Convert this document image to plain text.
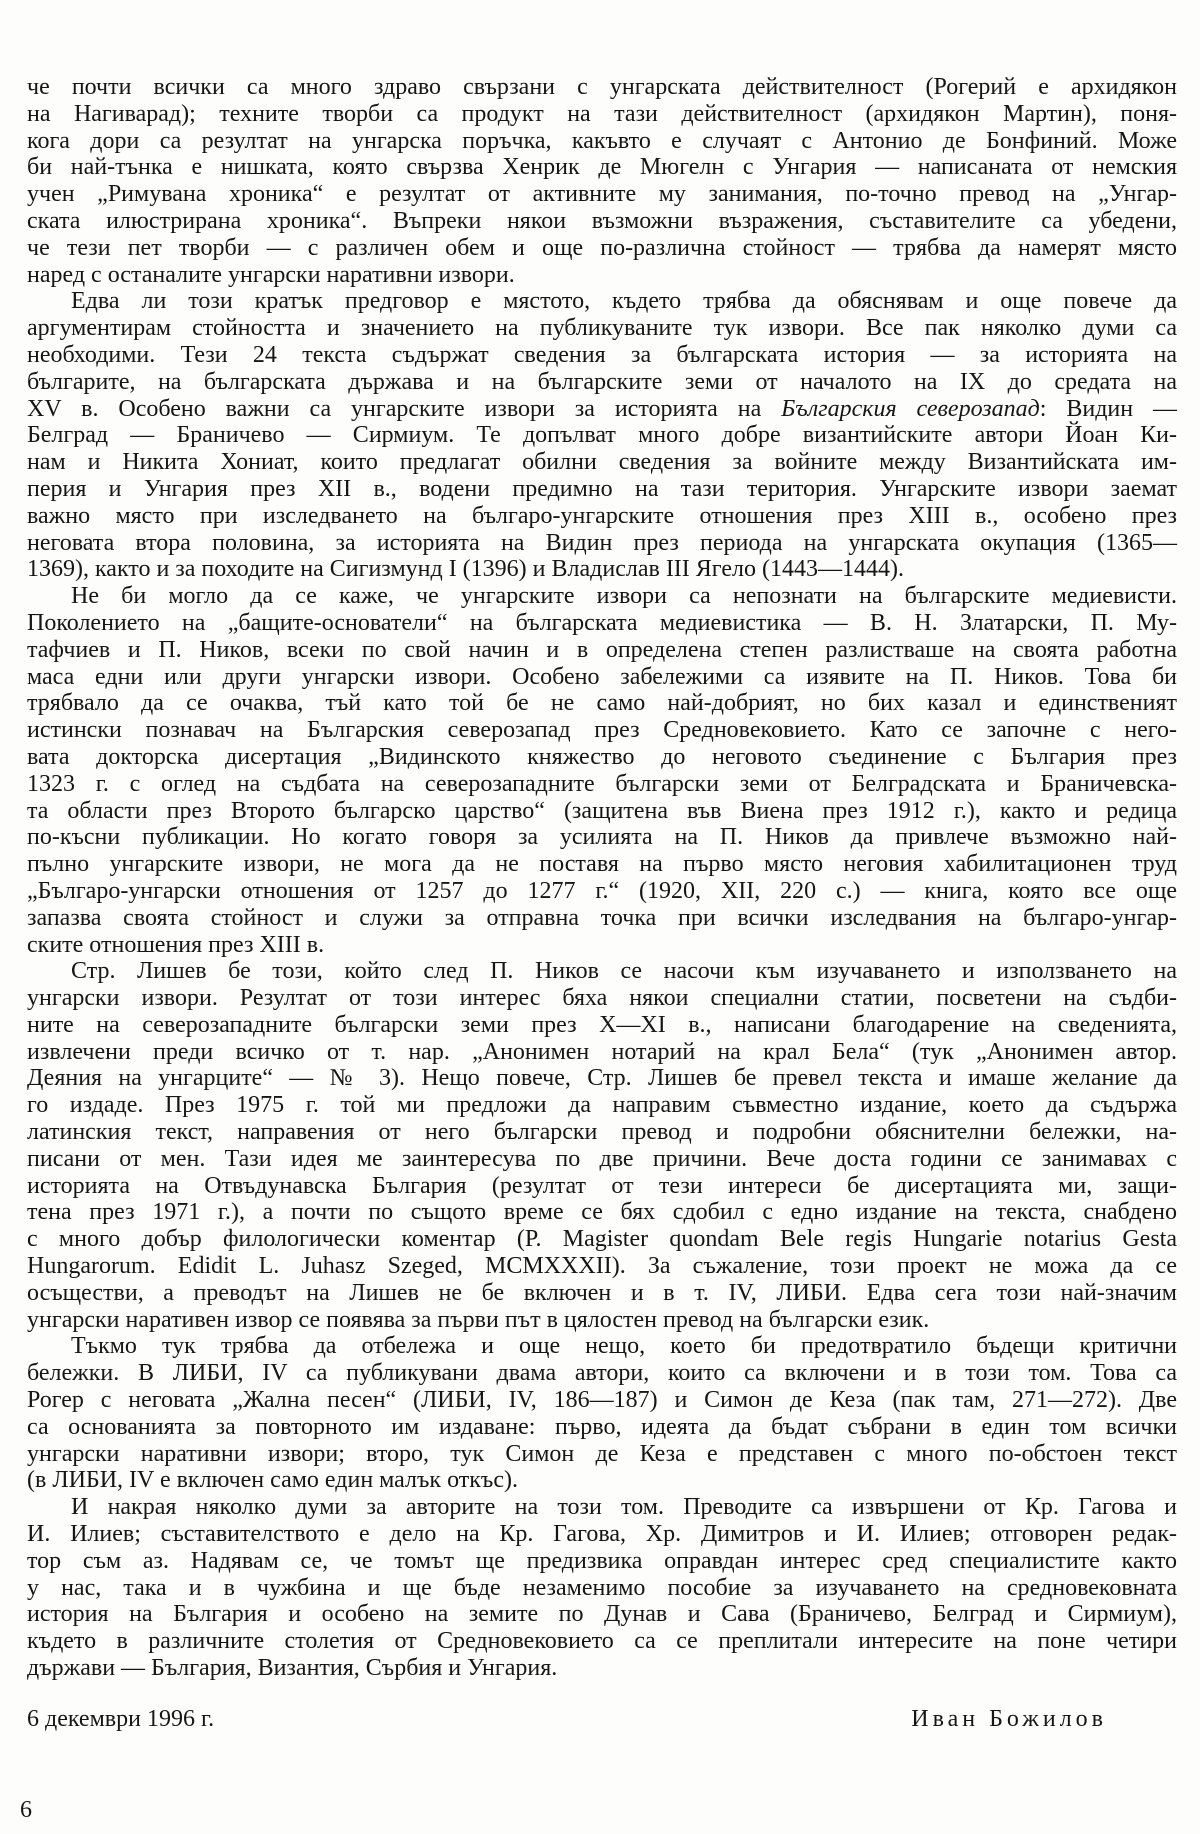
че почти всички са много здраво свързани с унгарската действителност (Рогерий е архидякон
на Нагиварад); техните творби са продукт на тази действителност (архидякон Мартин), поня-
кога дори са резултат на унгарска поръчка, какъвто е случаят с Антонио де Бонфиний. Може
би най-тънка е нишката, която свързва Хенрик де Мюгелн с Унгария — написаната от немския
учен „Римувана хроника“ е резултат от активните му занимания, по-точно превод на „Унгар-
ската илюстрирана хроника“. Въпреки някои възможни възражения, съставителите са убедени,
че тези пет творби — с различен обем и още по-различна стойност — трябва да намерят място
наред с останалите унгарски наративни извори.
Едва ли този кратък предговор е мястото, където трябва да обяснявам и още повече да
аргументирам стойността и значението на публикуваните тук извори. Все пак няколко думи са
необходими. Тези 24 текста съдържат сведения за българската история — за историята на
българите, на българската държава и на българските земи от началото на IX до средата на
XV в. Особено важни са унгарските извори за историята на Българския северозапад: Видин —
Белград — Браничево — Сирмиум. Те допълват много добре византийските автори Йоан Ки-
нам и Никита Хониат, които предлагат обилни сведения за войните между Византийската им-
перия и Унгария през XII в., водени предимно на тази територия. Унгарските извори заемат
важно място при изследването на българо-унгарските отношения през XIII в., особено през
неговата втора половина, за историята на Видин през периода на унгарската окупация (1365—
1369), както и за походите на Сигизмунд I (1396) и Владислав III Ягело (1443—1444).
Не би могло да се каже, че унгарските извори са непознати на българските медиевисти.
Поколението на „бащите-основатели“ на българската медиевистика — В. Н. Златарски, П. Му-
тафчиев и П. Ников, всеки по свой начин и в определена степен разлистваше на своята работна
маса едни или други унгарски извори. Особено забележими са изявите на П. Ников. Това би
трябвало да се очаква, тъй като той бе не само най-добрият, но бих казал и единственият
истински познавач на Българския северозапад през Средновековието. Като се започне с него-
вата докторска дисертация „Видинското княжество до неговото съединение с България през
1323 г. с оглед на съдбата на северозападните български земи от Белградската и Браничевска-
та области през Второто българско царство“ (защитена във Виена през 1912 г.), както и редица
по-късни публикации. Но когато говоря за усилията на П. Ников да привлече възможно най-
пълно унгарските извори, не мога да не поставя на първо място неговия хабилитационен труд
„Българо-унгарски отношения от 1257 до 1277 г.“ (1920, XII, 220 с.) — книга, която все още
запазва своята стойност и служи за отправна точка при всички изследвания на българо-унгар-
ските отношения през XIII в.
Стр. Лишев бе този, който след П. Ников се насочи към изучаването и използването на
унгарски извори. Резултат от този интерес бяха някои специални статии, посветени на съдби-
ните на северозападните български земи през X—XI в., написани благодарение на сведенията,
извлечени преди всичко от т. нар. „Анонимен нотарий на крал Бела“ (тук „Анонимен автор.
Деяния на унгарците“ — № 3). Нещо повече, Стр. Лишев бе превел текста и имаше желание да
го издаде. През 1975 г. той ми предложи да направим съвместно издание, което да съдържа
латинския текст, направения от него български превод и подробни обяснителни бележки, на-
писани от мен. Тази идея ме заинтересува по две причини. Вече доста години се занимавах с
историята на Отвъдунавска България (резултат от тези интереси бе дисертацията ми, защи-
тена през 1971 г.), а почти по същото време се бях сдобил с едно издание на текста, снабдено
с много добър филологически коментар (P. Magister quondam Bele regis Hungarie notarius Gesta
Hungarorum. Edidit L. Juhasz Szeged, MCMXXXII). За съжаление, този проект не можа да се
осъществи, а преводът на Лишев не бе включен и в т. IV, ЛИБИ. Едва сега този най-значим
унгарски наративен извор се появява за първи път в цялостен превод на български език.
Тъкмо тук трябва да отбележа и още нещо, което би предотвратило бъдещи критични
бележки. В ЛИБИ, IV са публикувани двама автори, които са включени и в този том. Това са
Рогер с неговата „Жална песен“ (ЛИБИ, IV, 186—187) и Симон де Кеза (пак там, 271—272). Две
са основанията за повторното им издаване: първо, идеята да бъдат събрани в един том всички
унгарски наративни извори; второ, тук Симон де Кеза е представен с много по-обстоен текст
(в ЛИБИ, IV е включен само един малък откъс).
И накрая няколко думи за авторите на този том. Преводите са извършени от Кр. Гагова и
И. Илиев; съставителството е дело на Кр. Гагова, Хр. Димитров и И. Илиев; отговорен редак-
тор съм аз. Надявам се, че томът ще предизвика оправдан интерес сред специалистите както
у нас, така и в чужбина и ще бъде незаменимо пособие за изучаването на средновековната
история на България и особено на земите по Дунав и Сава (Браничево, Белград и Сирмиум),
където в различните столетия от Средновековието са се преплитали интересите на поне четири
държави — България, Византия, Сърбия и Унгария.
6 декември 1996 г.	Иван Божилов
6
